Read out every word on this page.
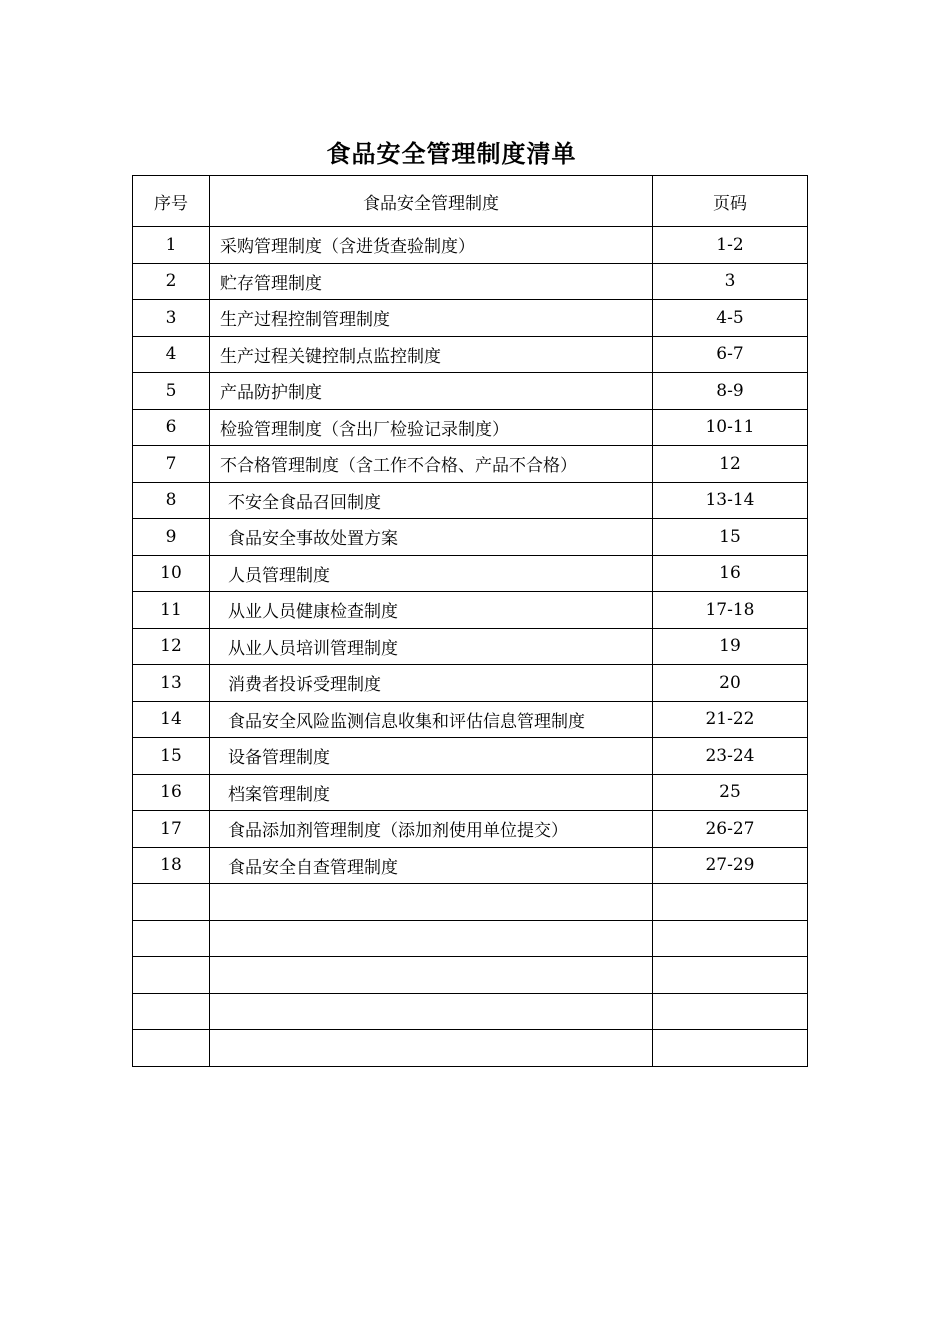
食品安全管理制度清单
序号	食品安全管理制度	页码
1	采购管理制度（含进货查验制度）	1-2
2	贮存管理制度	3
3	生产过程控制管理制度	4-5
4	生产过程关键控制点监控制度	6-7
5	产品防护制度	8-9
6	检验管理制度（含出厂检验记录制度）	10-11
7	不合格管理制度（含工作不合格、产品不合格）	12
8	不安全食品召回制度	13-14
9	食品安全事故处置方案	15
10	人员管理制度	16
11	从业人员健康检查制度	17-18
12	从业人员培训管理制度	19
13	消费者投诉受理制度	20
14	食品安全风险监测信息收集和评估信息管理制度	21-22
15	设备管理制度	23-24
16	档案管理制度	25
17	食品添加剂管理制度（添加剂使用单位提交）	26-27
18	食品安全自查管理制度	27-29
